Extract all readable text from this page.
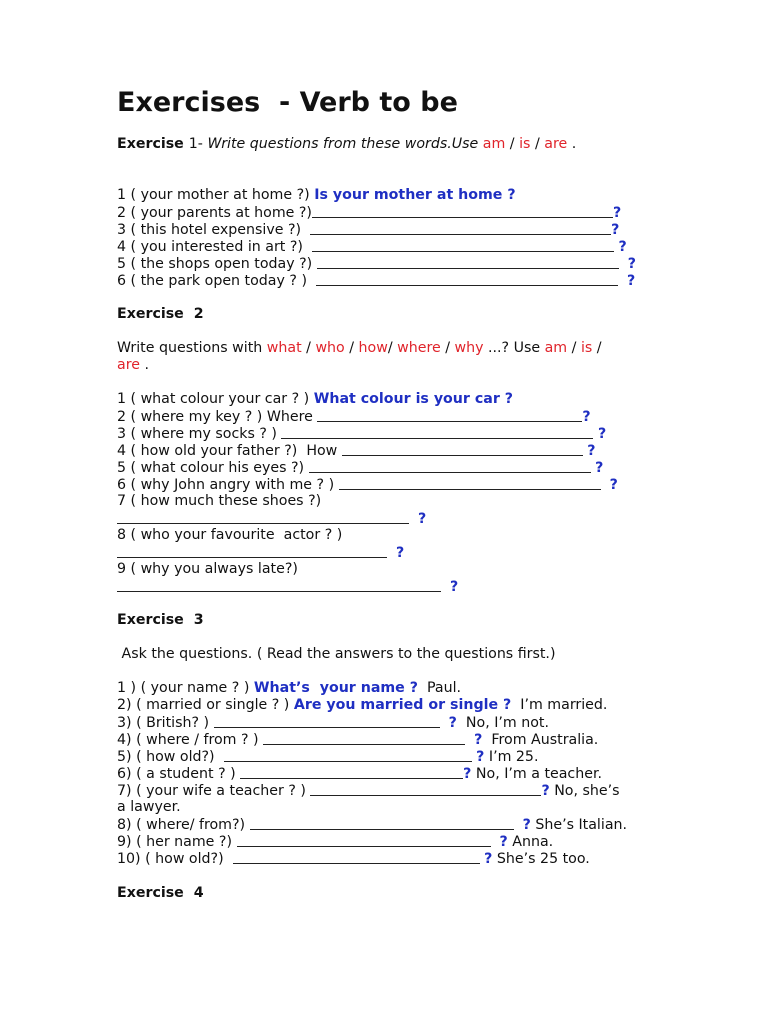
Exercises  - Verb to be
Exercise 1- Write questions from these words.Use am / is / are .
1 ( your mother at home ?) Is your mother at home ?
2 ( your parents at home ?)	?
3 ( this hotel expensive ?)	?
4 ( you interested in art ?)	?
5 ( the shops open today ?)	?
6 ( the park open today ? )	?
Exercise 2
Write questions with what / who / how/ where / why ...? Use am / is /
are .
1 ( what colour your car ? ) What colour is your car ?
2 ( where my key ? ) Where	?
3 ( where my socks ? )	?
4 ( how old your father ?)  How	?
5 ( what colour his eyes ?)	?
6 ( why John angry with me ? )	?
7 ( how much these shoes ?)
?
8 ( who your favourite  actor ? )
?
9 ( why you always late?)
?
Exercise 3
Ask the questions. ( Read the answers to the questions first.)
1 ) ( your name ? ) What’s  your name ?  Paul.
2) ( married or single ? ) Are you married or single ?  I’m married.
3) ( British? )	?  No, I’m not.
4) ( where / from ? )	?  From Australia.
5) ( how old?)	? I’m 25.
6) ( a student ? )	? No, I’m a teacher.
7) ( your wife a teacher ? )	? No, she’s
a lawyer.
8) ( where/ from?)	? She’s Italian.
9) ( her name ?)	? Anna.
10) ( how old?)	? She’s 25 too.
Exercise 4
